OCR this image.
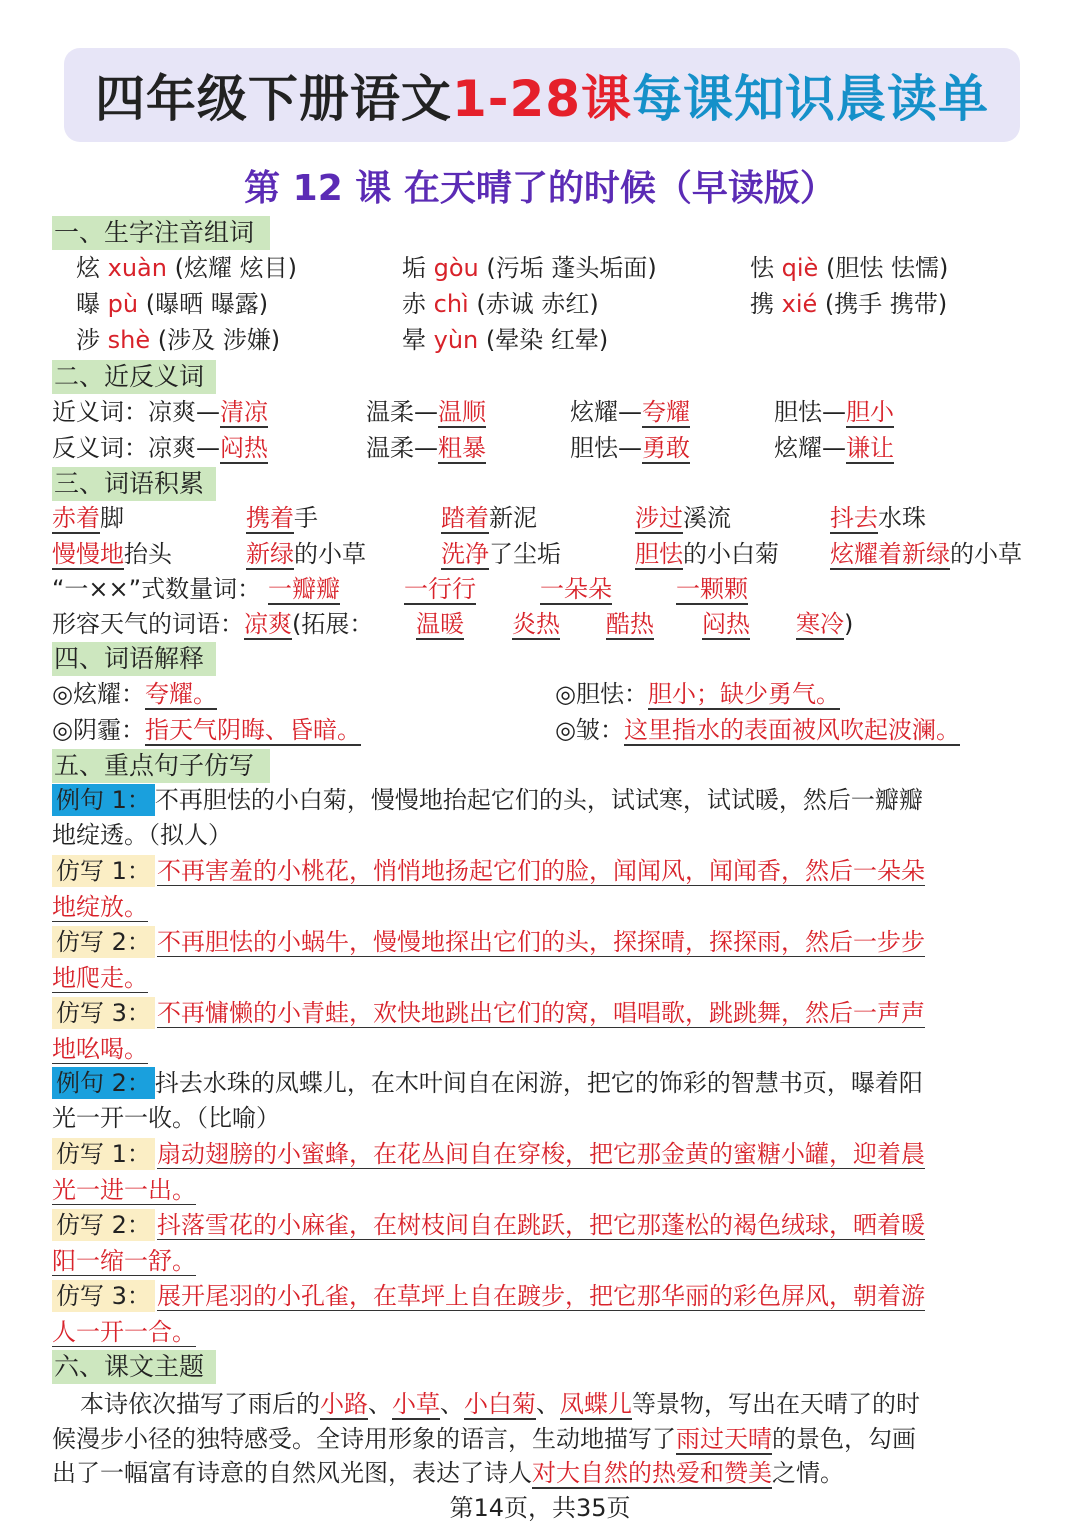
四年级下册语文 1-28课 每课知识晨读单
第 12 课 在天晴了的时候（早读版）
一、生字注音组词
炫 xuàn (炫耀 炫目)	垢 gòu (污垢 蓬头垢面)	怯 qiè (胆怯 怯懦)
曝 pù (曝晒 曝露)	赤 chì (赤诚 赤红)	携 xié (携手 携带)
涉 shè (涉及 涉嫌)	晕 yùn (晕染 红晕)
二、近反义词
近义词：凉爽—清凉	温柔—温顺	炫耀—夸耀	胆怯—胆小
反义词：凉爽—闷热	温柔—粗暴	胆怯—勇敢	炫耀—谦让
三、词语积累
赤着脚	携着手	踏着新泥	涉过溪流	抖去水珠
慢慢地抬头	新绿的小草	洗净了尘垢	胆怯的小白菊 炫耀着新绿的小草
“一××”式数量词： 一瓣瓣	一行行	一朵朵	一颗颗
形容天气的词语：凉爽(拓展： 温暖 炎热 酷热 闷热 寒冷)
四、词语解释
◎炫耀：夸耀。	◎胆怯：胆小；缺少勇气。
◎阴霾：指天气阴晦、昏暗。	◎皱：这里指水的表面被风吹起波澜。
五、重点句子仿写
例句 1： 不再胆怯的小白菊，慢慢地抬起它们的头，试试寒，试试暖，然后一瓣瓣
地绽透。（拟人）
仿写 1： 不再害羞的小桃花，悄悄地扬起它们的脸，闻闻风，闻闻香，然后一朵朵
地绽放。
仿写 2： 不再胆怯的小蜗牛，慢慢地探出它们的头，探探晴，探探雨，然后一步步
地爬走。
仿写 3： 不再慵懒的小青蛙，欢快地跳出它们的窝，唱唱歌，跳跳舞，然后一声声
地吆喝。
例句 2： 抖去水珠的凤蝶儿，在木叶间自在闲游，把它的饰彩的智慧书页，曝着阳
光一开一收。（比喻）
仿写 1： 扇动翅膀的小蜜蜂，在花丛间自在穿梭，把它那金黄的蜜糖小罐，迎着晨
光一进一出。
仿写 2： 抖落雪花的小麻雀，在树枝间自在跳跃，把它那蓬松的褐色绒球，晒着暖
阳一缩一舒。
仿写 3： 展开尾羽的小孔雀，在草坪上自在踱步，把它那华丽的彩色屏风，朝着游
人一开一合。
六、课文主题
本诗依次描写了雨后的小路、小草、小白菊、凤蝶儿等景物，写出在天晴了的时
候漫步小径的独特感受。全诗用形象的语言，生动地描写了雨过天晴的景色，勾画
出了一幅富有诗意的自然风光图，表达了诗人对大自然的热爱和赞美之情。
第14页，共35页
